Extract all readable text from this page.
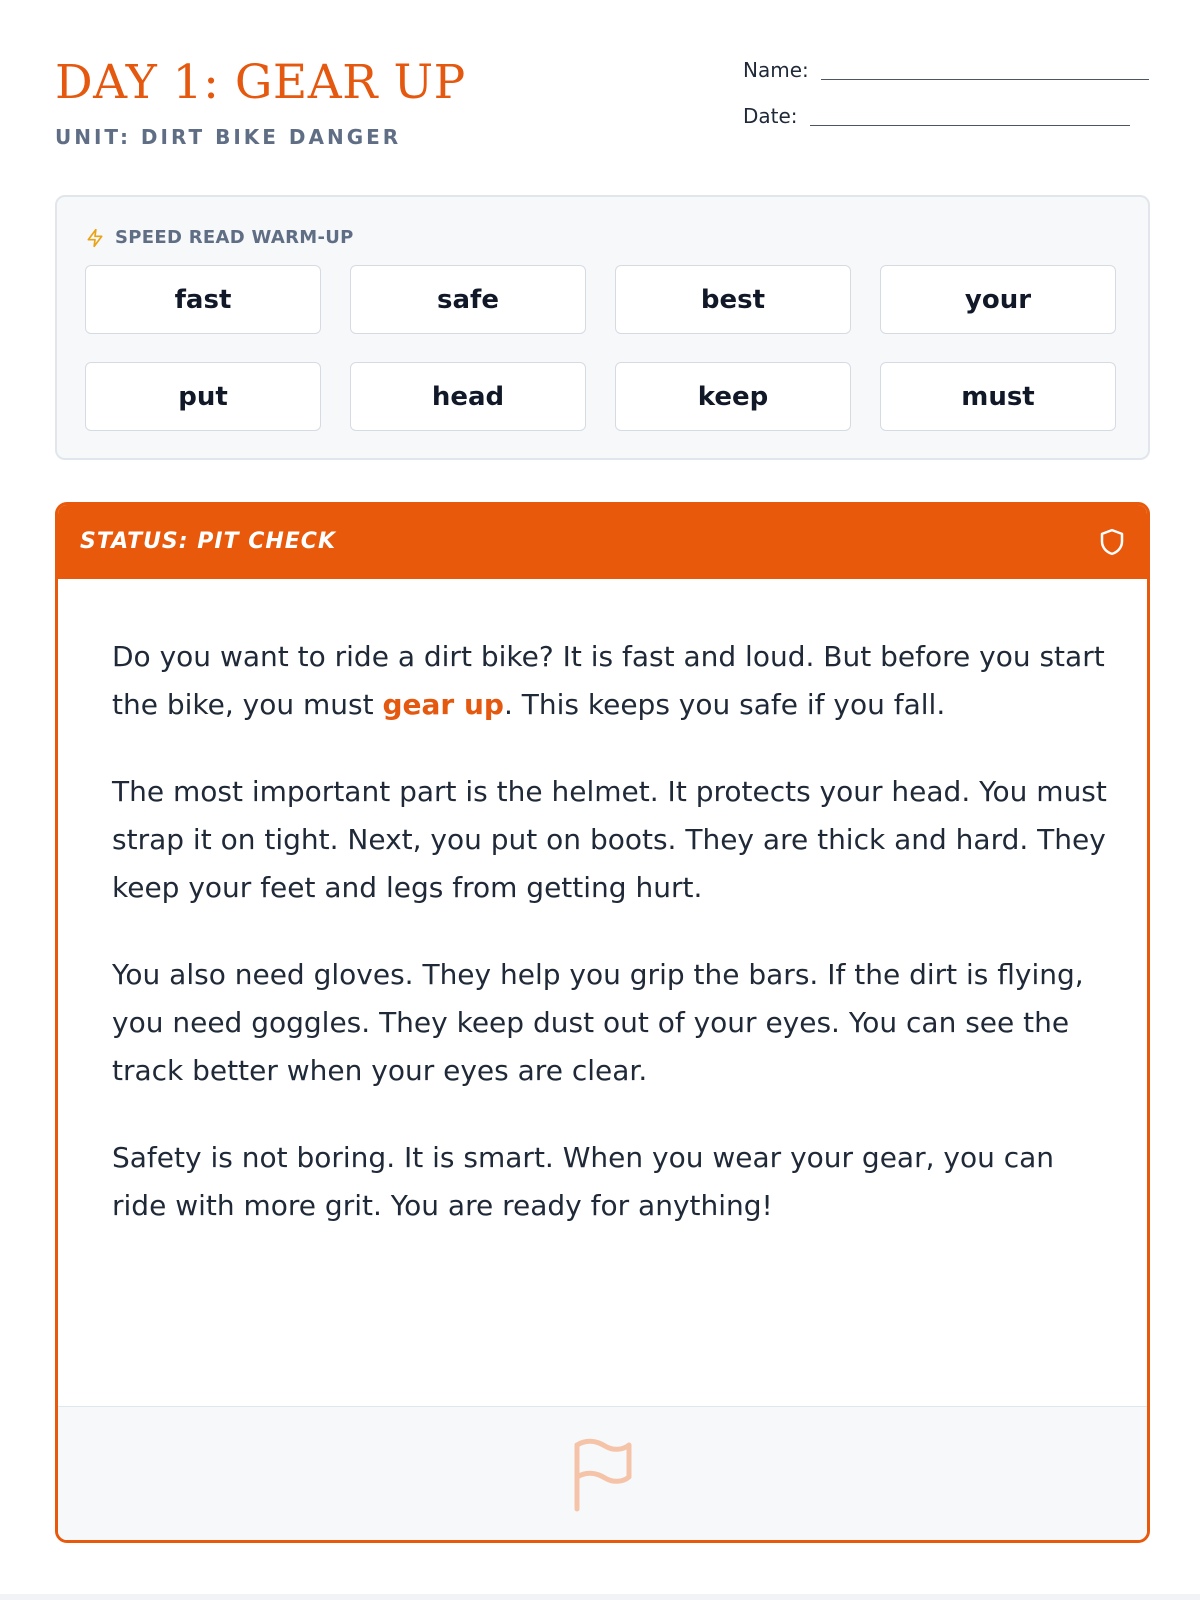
DAY 1: GEAR UP
UNIT: DIRT BIKE DANGER
Name:
Date:
SPEED READ WARM-UP
fast	safe	best	your
put	head	keep	must
STATUS: PIT CHECK

Do you want to ride a dirt bike? It is fast and loud. But before you start the bike, you must gear up. This keeps you safe if you fall.

The most important part is the helmet. It protects your head. You must strap it on tight. Next, you put on boots. They are thick and hard. They keep your feet and legs from getting hurt.

You also need gloves. They help you grip the bars. If the dirt is flying, you need goggles. They keep dust out of your eyes. You can see the track better when your eyes are clear.

Safety is not boring. It is smart. When you wear your gear, you can ride with more grit. You are ready for anything!
